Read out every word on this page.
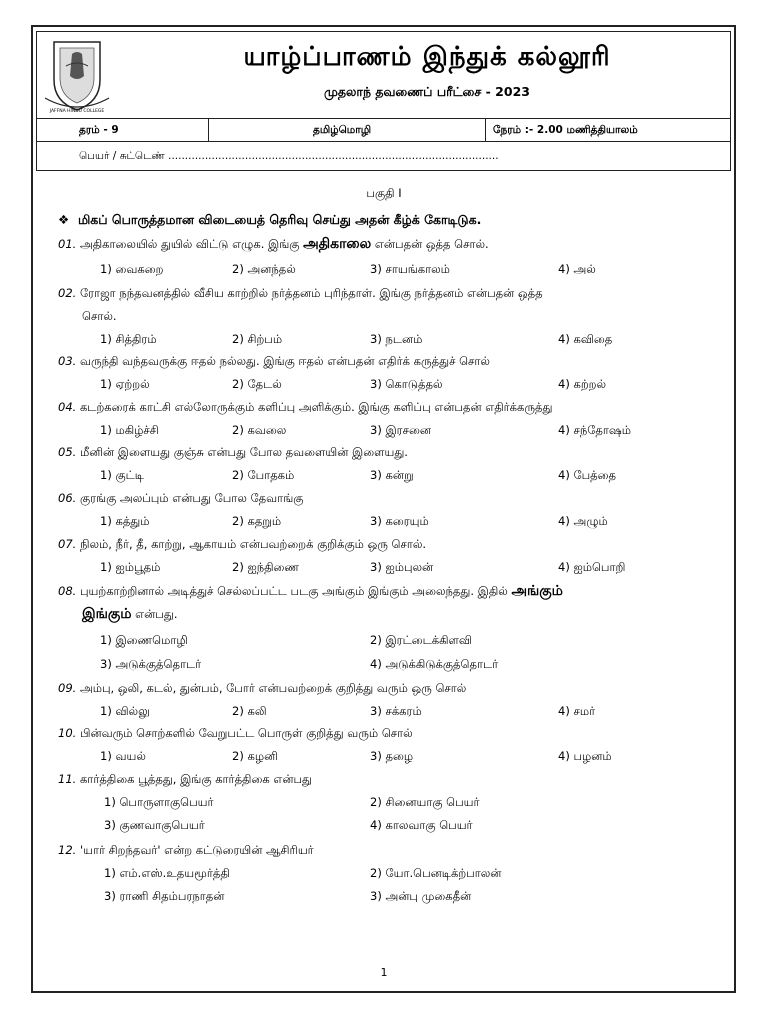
JAFFNA HINDU COLLEGE
யாழ்ப்பாணம் இந்துக் கல்லூரி
முதலாந் தவணைப் பரீட்சை - 2023
தரம் - 9	தமிழ்மொழி	நேரம் :- 2.00 மணித்தியாலம்
பெயர் / சுட்டெண் ...................................................................................................
பகுதி I
❖ மிகப் பொருத்தமான விடையைத் தெரிவு செய்து அதன் கீழ்க் கோடிடுக.
01. அதிகாலையில் துயில் விட்டு எழுக. இங்கு அதிகாலை என்பதன் ஒத்த சொல்.
1) வைகறை	2) அனந்தல்	3) சாயங்காலம்	4) அல்
02. ரோஜா நந்தவனத்தில் வீசிய காற்றில் நர்த்தனம் புரிந்தாள். இங்கு நர்த்தனம் என்பதன் ஒத்த
சொல்.
1) சித்திரம்	2) சிற்பம்	3) நடனம்	4) கவிதை
03. வருந்தி வந்தவருக்கு ஈதல் நல்லது. இங்கு ஈதல் என்பதன் எதிர்க் கருத்துச் சொல்
1) ஏற்றல்	2) தேடல்	3) கொடுத்தல்	4) கற்றல்
04. கடற்கரைக் காட்சி எல்லோருக்கும் களிப்பு அளிக்கும். இங்கு களிப்பு என்பதன் எதிர்க்கருத்து
1) மகிழ்ச்சி	2) கவலை	3) இரசனை	4) சந்தோஷம்
05. மீனின் இளையது குஞ்சு என்பது போல தவளையின் இளையது.
1) குட்டி	2) போதகம்	3) கன்று	4) பேத்தை
06. குரங்கு அலப்பும் என்பது போல தேவாங்கு
1) கத்தும்	2) கதறும்	3) கரையும்	4) அழும்
07. நிலம், நீர், தீ, காற்று, ஆகாயம் என்பவற்றைக் குறிக்கும் ஒரு சொல்.
1) ஐம்பூதம்	2) ஐந்திணை	3) ஐம்புலன்	4) ஐம்பொறி
08. புயற்காற்றினால் அடித்துச் செல்லப்பட்ட படகு அங்கும் இங்கும் அலைந்தது. இதில் அங்கும்
இங்கும் என்பது.
1) இணைமொழி	2) இரட்டைக்கிளவி
3) அடுக்குத்தொடர்	4) அடுக்கிடுக்குத்தொடர்
09. அம்பு, ஒலி, கடல், துன்பம், போர் என்பவற்றைக் குறித்து வரும் ஒரு சொல்
1) வில்லு	2) கலி	3) சக்கரம்	4) சமர்
10. பின்வரும் சொற்களில் வேறுபட்ட பொருள் குறித்து வரும் சொல்
1) வயல்	2) கழனி	3) தழை	4) பழனம்
11. கார்த்திகை பூத்தது, இங்கு கார்த்திகை என்பது
1) பொருளாகுபெயர்	2) சினையாகு பெயர்
3) குணவாகுபெயர்	4) காலவாகு பெயர்
12. 'யார் சிறந்தவர்' என்ற கட்டுரையின் ஆசிரியர்
1) எம்.எஸ்.உதயமூர்த்தி	2) யோ.பெனடிக்ற்பாலன்
3) ராணி சிதம்பரநாதன்	3) அன்பு முகைதீன்
1
